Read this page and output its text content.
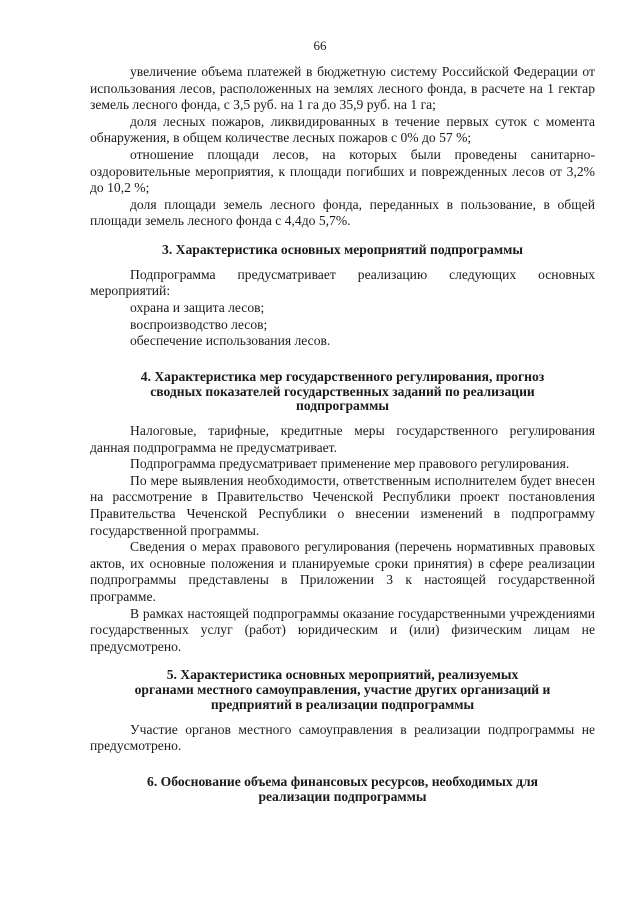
66

увеличение объема платежей в бюджетную систему Российской Федерации от использования лесов, расположенных на землях лесного фонда, в расчете на 1 гектар земель лесного фонда, с 3,5 руб. на 1 га до 35,9 руб. на 1 га;

доля лесных пожаров, ликвидированных в течение первых суток с момента обнаружения, в общем количестве лесных пожаров с 0% до 57 %;

отношение площади лесов, на которых были проведены санитарно-оздоровительные мероприятия, к площади погибших и поврежденных лесов от 3,2% до 10,2 %;

доля площади земель лесного фонда, переданных в пользование, в общей площади земель лесного фонда с 4,4до 5,7%.

3. Характеристика основных мероприятий подпрограммы

Подпрограмма предусматривает реализацию следующих основных мероприятий:

охрана и защита лесов;

воспроизводство лесов;

обеспечение использования лесов.

4. Характеристика мер государственного регулирования, прогноз

сводных показателей государственных заданий по реализации

подпрограммы

Налоговые, тарифные, кредитные меры государственного регулирования данная подпрограмма не предусматривает.

Подпрограмма предусматривает применение мер правового регулирования.

По мере выявления необходимости, ответственным исполнителем будет внесен на рассмотрение в Правительство Чеченской Республики проект постановления Правительства Чеченской Республики о внесении изменений в подпрограмму государственной программы.

Сведения о мерах правового регулирования (перечень нормативных правовых актов, их основные положения и планируемые сроки принятия) в сфере реализации подпрограммы представлены в Приложении 3 к настоящей государственной программе.

В рамках настоящей подпрограммы оказание государственными учреждениями государственных услуг (работ) юридическим и (или) физическим лицам не предусмотрено.

5. Характеристика основных мероприятий, реализуемых

органами местного самоуправления, участие других организаций и

предприятий в реализации подпрограммы

Участие органов местного самоуправления в реализации подпрограммы не предусмотрено.

6. Обоснование объема финансовых ресурсов, необходимых для

реализации подпрограммы
